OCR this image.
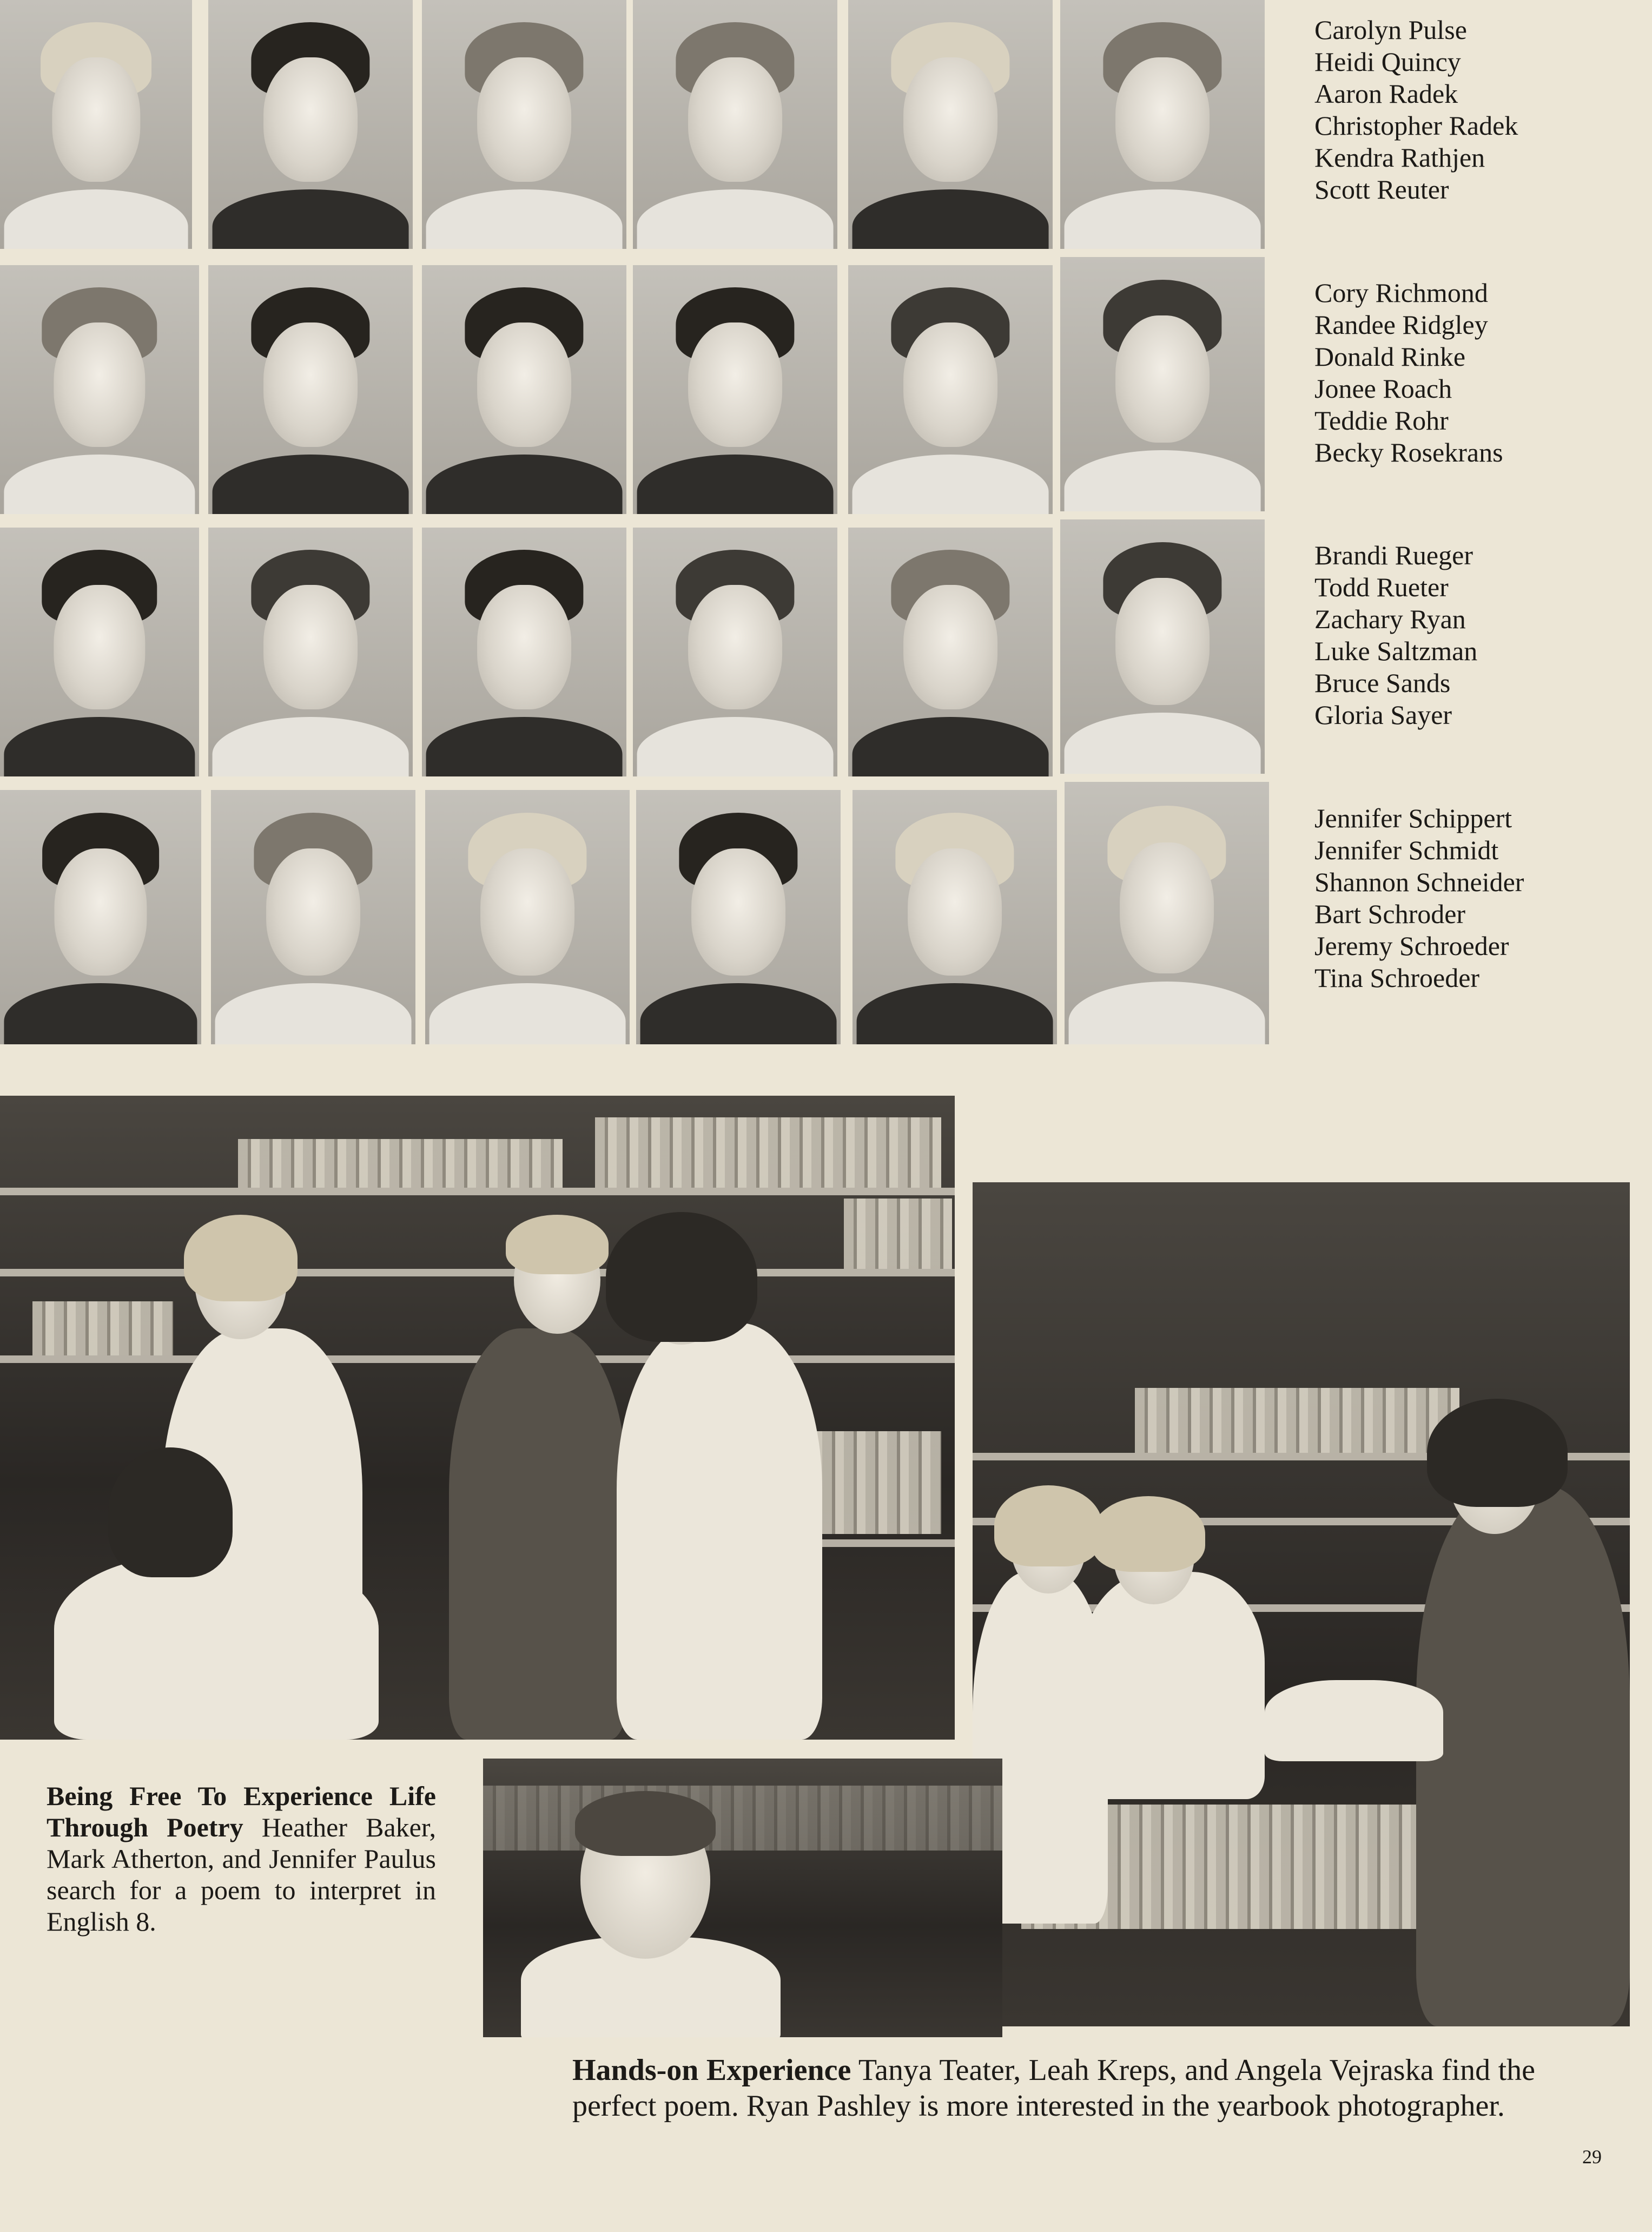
Carolyn Pulse
Heidi Quincy
Aaron Radek
Christopher Radek
Kendra Rathjen
Scott Reuter
Cory Richmond
Randee Ridgley
Donald Rinke
Jonee Roach
Teddie Rohr
Becky Rosekrans
Brandi Rueger
Todd Rueter
Zachary Ryan
Luke Saltzman
Bruce Sands
Gloria Sayer
Jennifer Schippert
Jennifer Schmidt
Shannon Schneider
Bart Schroder
Jeremy Schroeder
Tina Schroeder
Being Free To Experience Life Through Poetry Heather Baker, Mark Atherton, and Jennifer Paulus search for a poem to interpret in English 8.
Hands-on Experience Tanya Teater, Leah Kreps, and Angela Vejraska find the perfect poem. Ryan Pashley is more interested in the yearbook photographer.
29
